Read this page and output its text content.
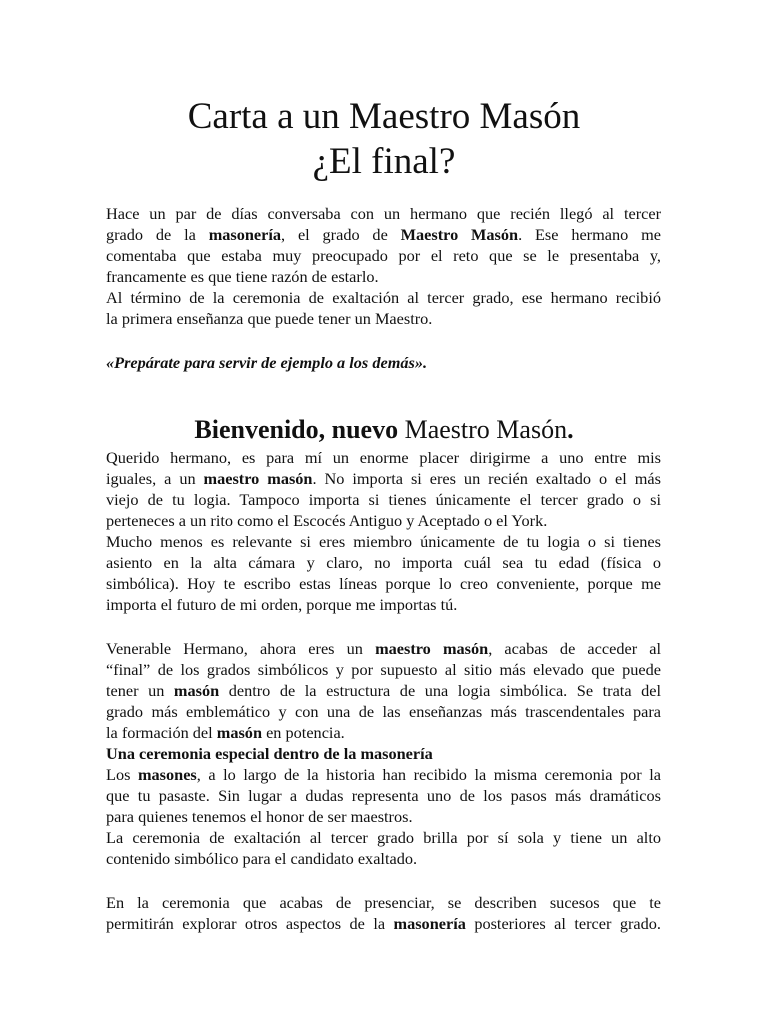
Carta a un Maestro Masón
¿El final?
Hace un par de días conversaba con un hermano que recién llegó al tercer
grado de la masonería, el grado de Maestro Masón. Ese hermano me
comentaba que estaba muy preocupado por el reto que se le presentaba y,
francamente es que tiene razón de estarlo.
Al término de la ceremonia de exaltación al tercer grado, ese hermano recibió
la primera enseñanza que puede tener un Maestro.
«Prepárate para servir de ejemplo a los demás».
Bienvenido, nuevo Maestro Masón.
Querido hermano, es para mí un enorme placer dirigirme a uno entre mis
iguales, a un maestro masón. No importa si eres un recién exaltado o el más
viejo de tu logia. Tampoco importa si tienes únicamente el tercer grado o si
perteneces a un rito como el Escocés Antiguo y Aceptado o el York.
Mucho menos es relevante si eres miembro únicamente de tu logia o si tienes
asiento en la alta cámara y claro, no importa cuál sea tu edad (física o
simbólica). Hoy te escribo estas líneas porque lo creo conveniente, porque me
importa el futuro de mi orden, porque me importas tú.
Venerable Hermano, ahora eres un maestro masón, acabas de acceder al
“final” de los grados simbólicos y por supuesto al sitio más elevado que puede
tener un masón dentro de la estructura de una logia simbólica. Se trata del
grado más emblemático y con una de las enseñanzas más trascendentales para
la formación del masón en potencia.
Una ceremonia especial dentro de la masonería
Los masones, a lo largo de la historia han recibido la misma ceremonia por la
que tu pasaste. Sin lugar a dudas representa uno de los pasos más dramáticos
para quienes tenemos el honor de ser maestros.
La ceremonia de exaltación al tercer grado brilla por sí sola y tiene un alto
contenido simbólico para el candidato exaltado.
En la ceremonia que acabas de presenciar, se describen sucesos que te
permitirán explorar otros aspectos de la masonería posteriores al tercer grado.
